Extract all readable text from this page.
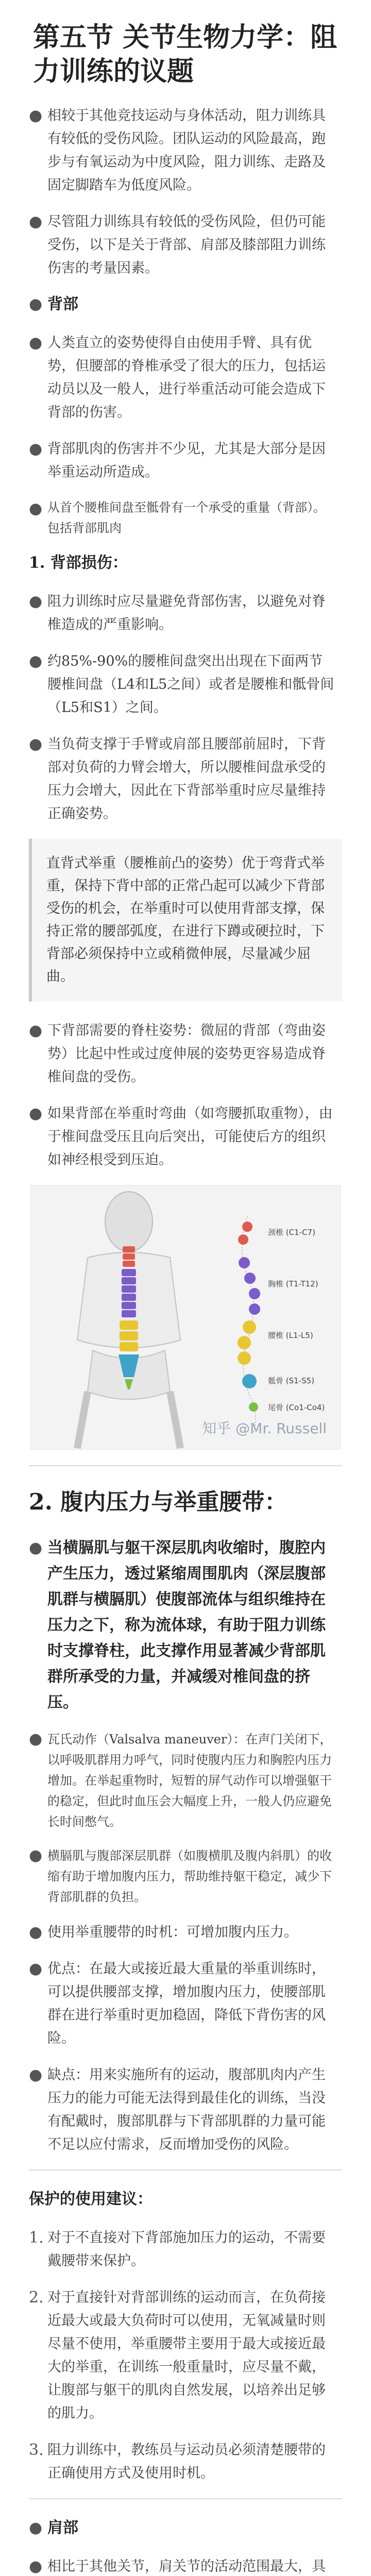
第五节 关节生物力学：阻力训练的议题
● 相较于其他竞技运动与身体活动，阻力训练具有较低的受伤风险。团队运动的风险最高，跑步与有氧运动为中度风险，阻力训练、走路及固定脚踏车为低度风险。
● 尽管阻力训练具有较低的受伤风险，但仍可能受伤，以下是关于背部、肩部及膝部阻力训练伤害的考量因素。
● 背部
● 人类直立的姿势使得自由使用手臂、具有优势，但腰部的脊椎承受了很大的压力，包括运动员以及一般人，进行举重活动可能会造成下背部的伤害。
● 背部肌肉的伤害并不少见，尤其是大部分是因举重运动所造成。
● 从首个腰椎间盘至骶骨有一个承受的重量（背部）。 包括背部肌肉
1. 背部损伤：
● 阻力训练时应尽量避免背部伤害，以避免对脊椎造成的严重影响。
● 约85%-90%的腰椎间盘突出出现在下面两节腰椎间盘（L4和L5之间）或者是腰椎和骶骨间（L5和S1）之间。
● 当负荷支撑于手臂或肩部且腰部前屈时，下背部对负荷的力臂会增大，所以腰椎间盘承受的压力会增大，因此在下背部举重时应尽量维持正确姿势。
直背式举重（腰椎前凸的姿势）优于弯背式举重，保持下背中部的正常凸起可以减少下背部受伤的机会，在举重时可以使用背部支撑，保持正常的腰部弧度，在进行下蹲或硬拉时，下背部必须保持中立或稍微伸展，尽量减少屈曲。
● 下背部需要的脊柱姿势：微屈的背部（弯曲姿势）比起中性或过度伸展的姿势更容易造成脊椎间盘的受伤。
● 如果背部在举重时弯曲（如弯腰抓取重物），由于椎间盘受压且向后突出，可能使后方的组织如神经根受到压迫。
颈椎 (C1-C7)
胸椎 (T1-T12)
腰椎 (L1-L5)
骶骨 (S1-S5)
尾骨 (Co1-Co4)
知乎 @Mr. Russell
2. 腹内压力与举重腰带：
● 当横膈肌与躯干深层肌肉收缩时，腹腔内产生压力，透过紧缩周围肌肉（深层腹部肌群与横膈肌）使腹部流体与组织维持在压力之下，称为流体球，有助于阻力训练时支撑脊柱，此支撑作用显著减少背部肌群所承受的力量，并减缓对椎间盘的挤压。
● 瓦氏动作（Valsalva maneuver）：在声门关闭下，以呼吸肌群用力呼气，同时使腹内压力和胸腔内压力增加。在举起重物时，短暂的屏气动作可以增强躯干的稳定，但此时血压会大幅度上升，一般人仍应避免长时间憋气。
● 横膈肌与腹部深层肌群（如腹横肌及腹内斜肌）的收缩有助于增加腹内压力，帮助维持躯干稳定，减少下背部肌群的负担。
● 使用举重腰带的时机：可增加腹内压力。
● 优点：在最大或接近最大重量的举重训练时，可以提供腰部支撑，增加腹内压力，使腰部肌群在进行举重时更加稳固，降低下背伤害的风险。
● 缺点：用来实施所有的运动，腹部肌肉内产生压力的能力可能无法得到最佳化的训练，当没有配戴时，腹部肌群与下背部肌群的力量可能不足以应付需求，反而增加受伤的风险。
保护的使用建议：
1. 对于不直接对下背部施加压力的运动，不需要戴腰带来保护。
2. 对于直接针对背部训练的运动而言，在负荷接近最大或最大负荷时可以使用，无氧减量时则尽量不使用，举重腰带主要用于最大或接近最大的举重，在训练一般重量时，应尽量不戴，让腹部与躯干的肌肉自然发展，以培养出足够的肌力。
3. 阻力训练中，教练员与运动员必须清楚腰带的正确使用方式及使用时机。
● 肩部
● 相比于其他关节，肩关节的活动范围最大，具
